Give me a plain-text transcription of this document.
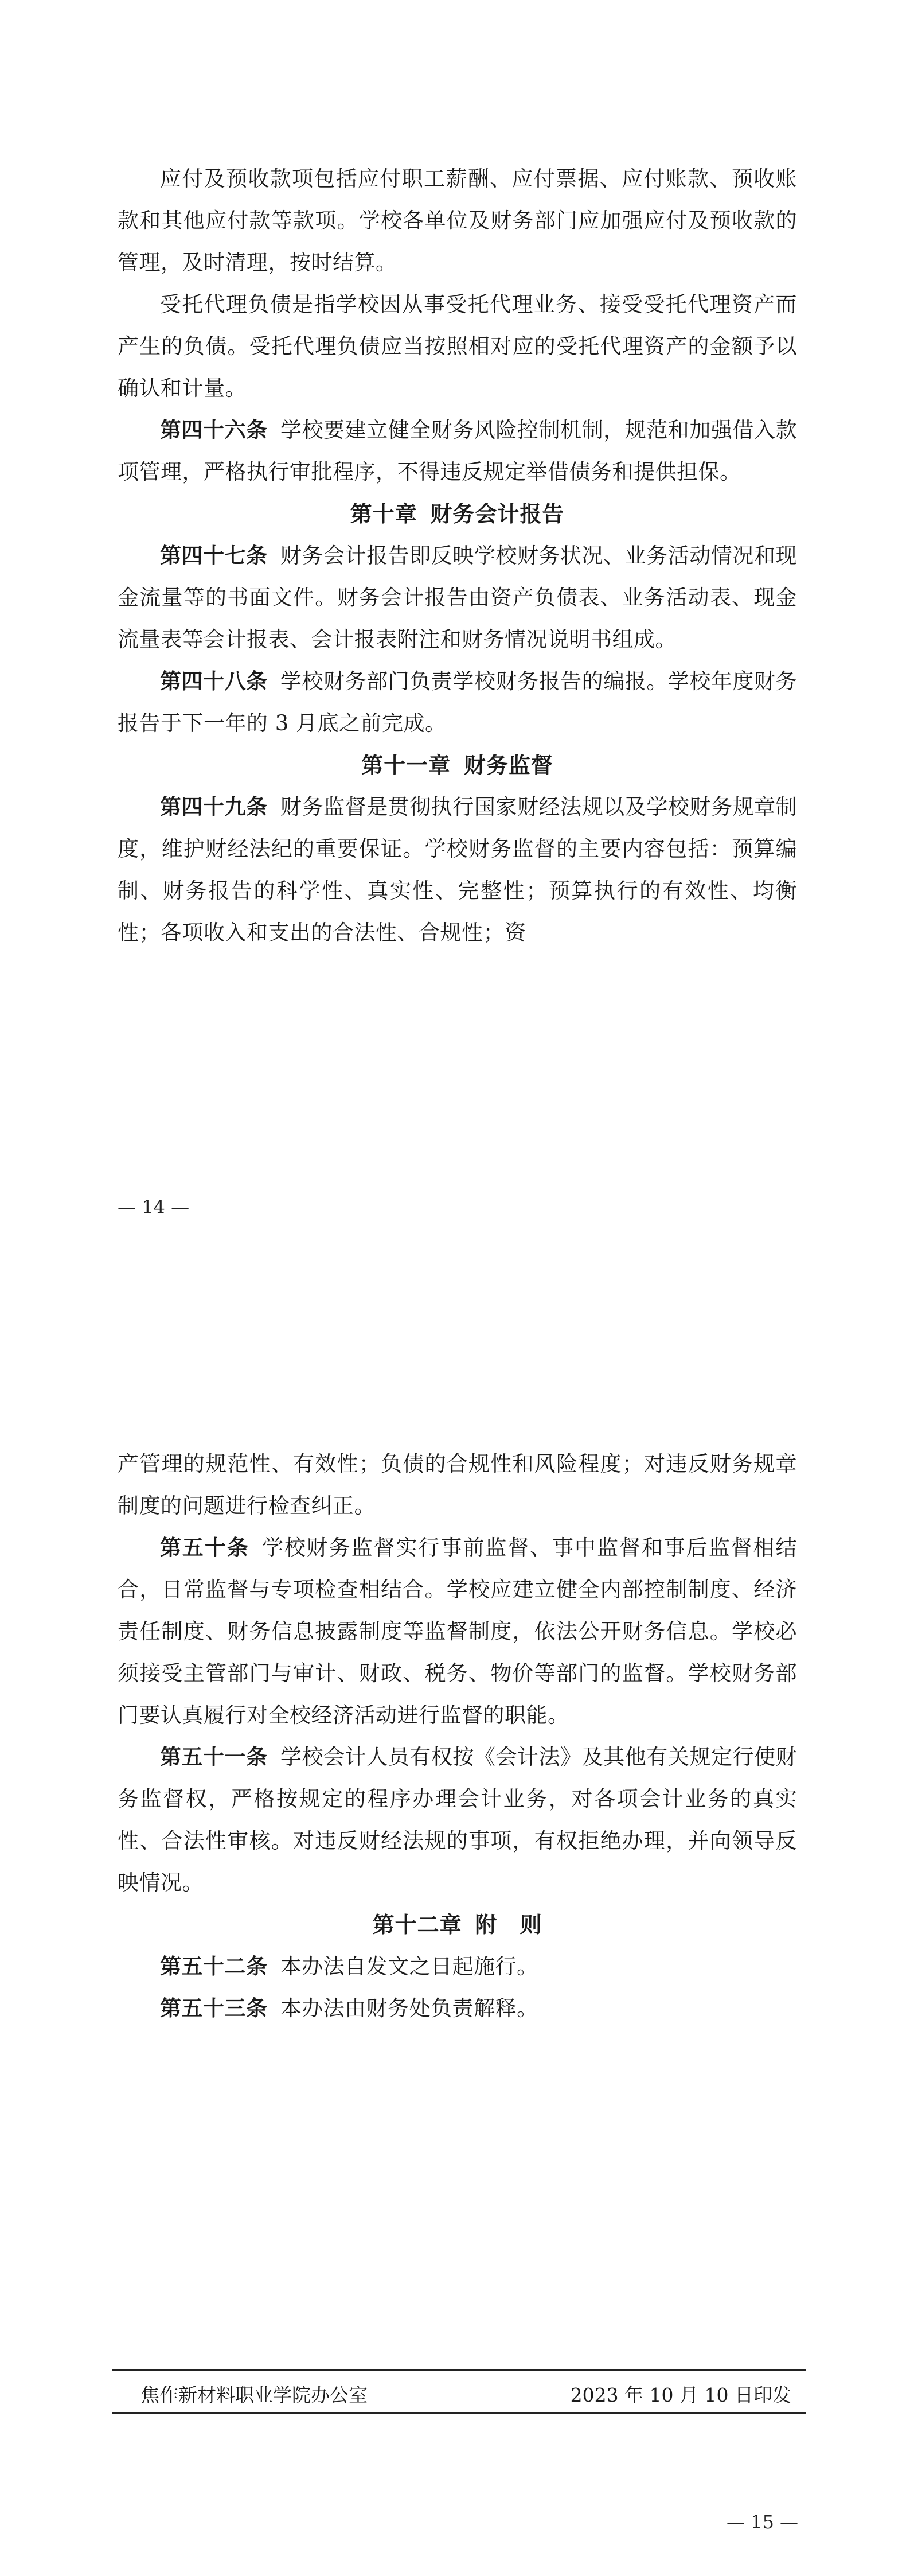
应付及预收款项包括应付职工薪酬、应付票据、应付账款、预收账款和其他应付款等款项。学校各单位及财务部门应加强应付及预收款的管理，及时清理，按时结算。

受托代理负债是指学校因从事受托代理业务、接受受托代理资产而产生的负债。受托代理负债应当按照相对应的受托代理资产的金额予以确认和计量。

第四十六条 学校要建立健全财务风险控制机制，规范和加强借入款项管理，严格执行审批程序，不得违反规定举借债务和提供担保。

第十章 财务会计报告

第四十七条 财务会计报告即反映学校财务状况、业务活动情况和现金流量等的书面文件。财务会计报告由资产负债表、业务活动表、现金流量表等会计报表、会计报表附注和财务情况说明书组成。

第四十八条 学校财务部门负责学校财务报告的编报。学校年度财务报告于下一年的 3 月底之前完成。

第十一章 财务监督

第四十九条 财务监督是贯彻执行国家财经法规以及学校财务规章制度，维护财经法纪的重要保证。学校财务监督的主要内容包括：预算编制、财务报告的科学性、真实性、完整性；预算执行的有效性、均衡性；各项收入和支出的合法性、合规性；资

— 14 —

产管理的规范性、有效性；负债的合规性和风险程度；对违反财务规章制度的问题进行检查纠正。

第五十条 学校财务监督实行事前监督、事中监督和事后监督相结合，日常监督与专项检查相结合。学校应建立健全内部控制制度、经济责任制度、财务信息披露制度等监督制度，依法公开财务信息。学校必须接受主管部门与审计、财政、税务、物价等部门的监督。学校财务部门要认真履行对全校经济活动进行监督的职能。

第五十一条 学校会计人员有权按《会计法》及其他有关规定行使财务监督权，严格按规定的程序办理会计业务，对各项会计业务的真实性、合法性审核。对违反财经法规的事项，有权拒绝办理，并向领导反映情况。

第十二章 附　则

第五十二条 本办法自发文之日起施行。

第五十三条 本办法由财务处负责解释。

焦作新材料职业学院办公室	2023 年 10 月 10 日印发
— 15 —
